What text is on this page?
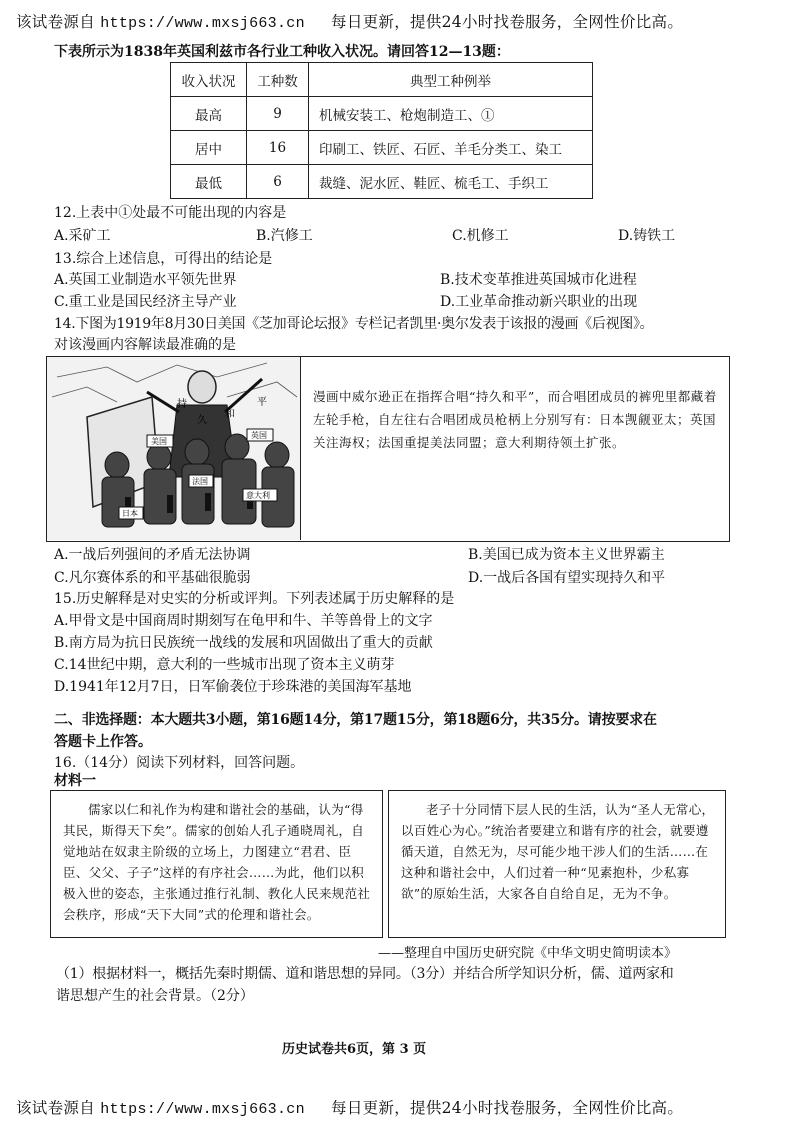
该试卷源自 https://www.mxsj663.cn 每日更新，提供24小时找卷服务，全网性价比高。
下表所示为1838年英国利兹市各行业工种收入状况。请回答12—13题：
收入状况	工种数	典型工种例举
最高	9	机械安装工、枪炮制造工、①
居中	16	印刷工、铁匠、石匠、羊毛分类工、染工
最低	6	裁缝、泥水匠、鞋匠、梳毛工、手织工
12.上表中①处最不可能出现的内容是
A.采矿工	B.汽修工	C.机修工	D.铸铁工
13.综合上述信息，可得出的结论是
A.英国工业制造水平领先世界	B.技术变革推进英国城市化进程
C.重工业是国民经济主导产业	D.工业革命推动新兴职业的出现
14.下图为1919年8月30日美国《芝加哥论坛报》专栏记者凯里·奥尔发表于该报的漫画《后视图》。
对该漫画内容解读最准确的是
持
久
和
平
美国
英国
法国
日本
意大利
漫画中威尔逊正在指挥合唱“持久和平”，而合唱团成员的裤兜里都藏着左轮手枪，自左往右合唱团成员枪柄上分别写有：日本觊觎亚太；英国关注海权；法国重提美法同盟；意大利期待领土扩张。
A.一战后列强间的矛盾无法协调	B.美国已成为资本主义世界霸主
C.凡尔赛体系的和平基础很脆弱	D.一战后各国有望实现持久和平
15.历史解释是对史实的分析或评判。下列表述属于历史解释的是
A.甲骨文是中国商周时期刻写在龟甲和牛、羊等兽骨上的文字
B.南方局为抗日民族统一战线的发展和巩固做出了重大的贡献
C.14世纪中期，意大利的一些城市出现了资本主义萌芽
D.1941年12月7日，日军偷袭位于珍珠港的美国海军基地
二、非选择题：本大题共3小题，第16题14分，第17题15分，第18题6分，共35分。请按要求在
答题卡上作答。
16.（14分）阅读下列材料，回答问题。
材料一
儒家以仁和礼作为构建和谐社会的基础，认为“得其民，斯得天下矣”。儒家的创始人孔子通晓周礼，自觉地站在奴隶主阶级的立场上，力图建立“君君、臣臣、父父、子子”这样的有序社会……为此，他们以积极入世的姿态，主张通过推行礼制、教化人民来规范社会秩序，形成“天下大同”式的伦理和谐社会。
老子十分同情下层人民的生活，认为“圣人无常心，以百姓心为心。”统治者要建立和谐有序的社会，就要遵循天道，自然无为，尽可能少地干涉人们的生活……在这种和谐社会中，人们过着一种“见素抱朴，少私寡欲”的原始生活，大家各自自给自足，无为不争。
——整理自中国历史研究院《中华文明史简明读本》
（1）根据材料一，概括先秦时期儒、道和谐思想的异同。（3分）并结合所学知识分析，儒、道两家和
谐思想产生的社会背景。（2分）
历史试卷共6页，第 3 页
该试卷源自 https://www.mxsj663.cn 每日更新，提供24小时找卷服务，全网性价比高。
